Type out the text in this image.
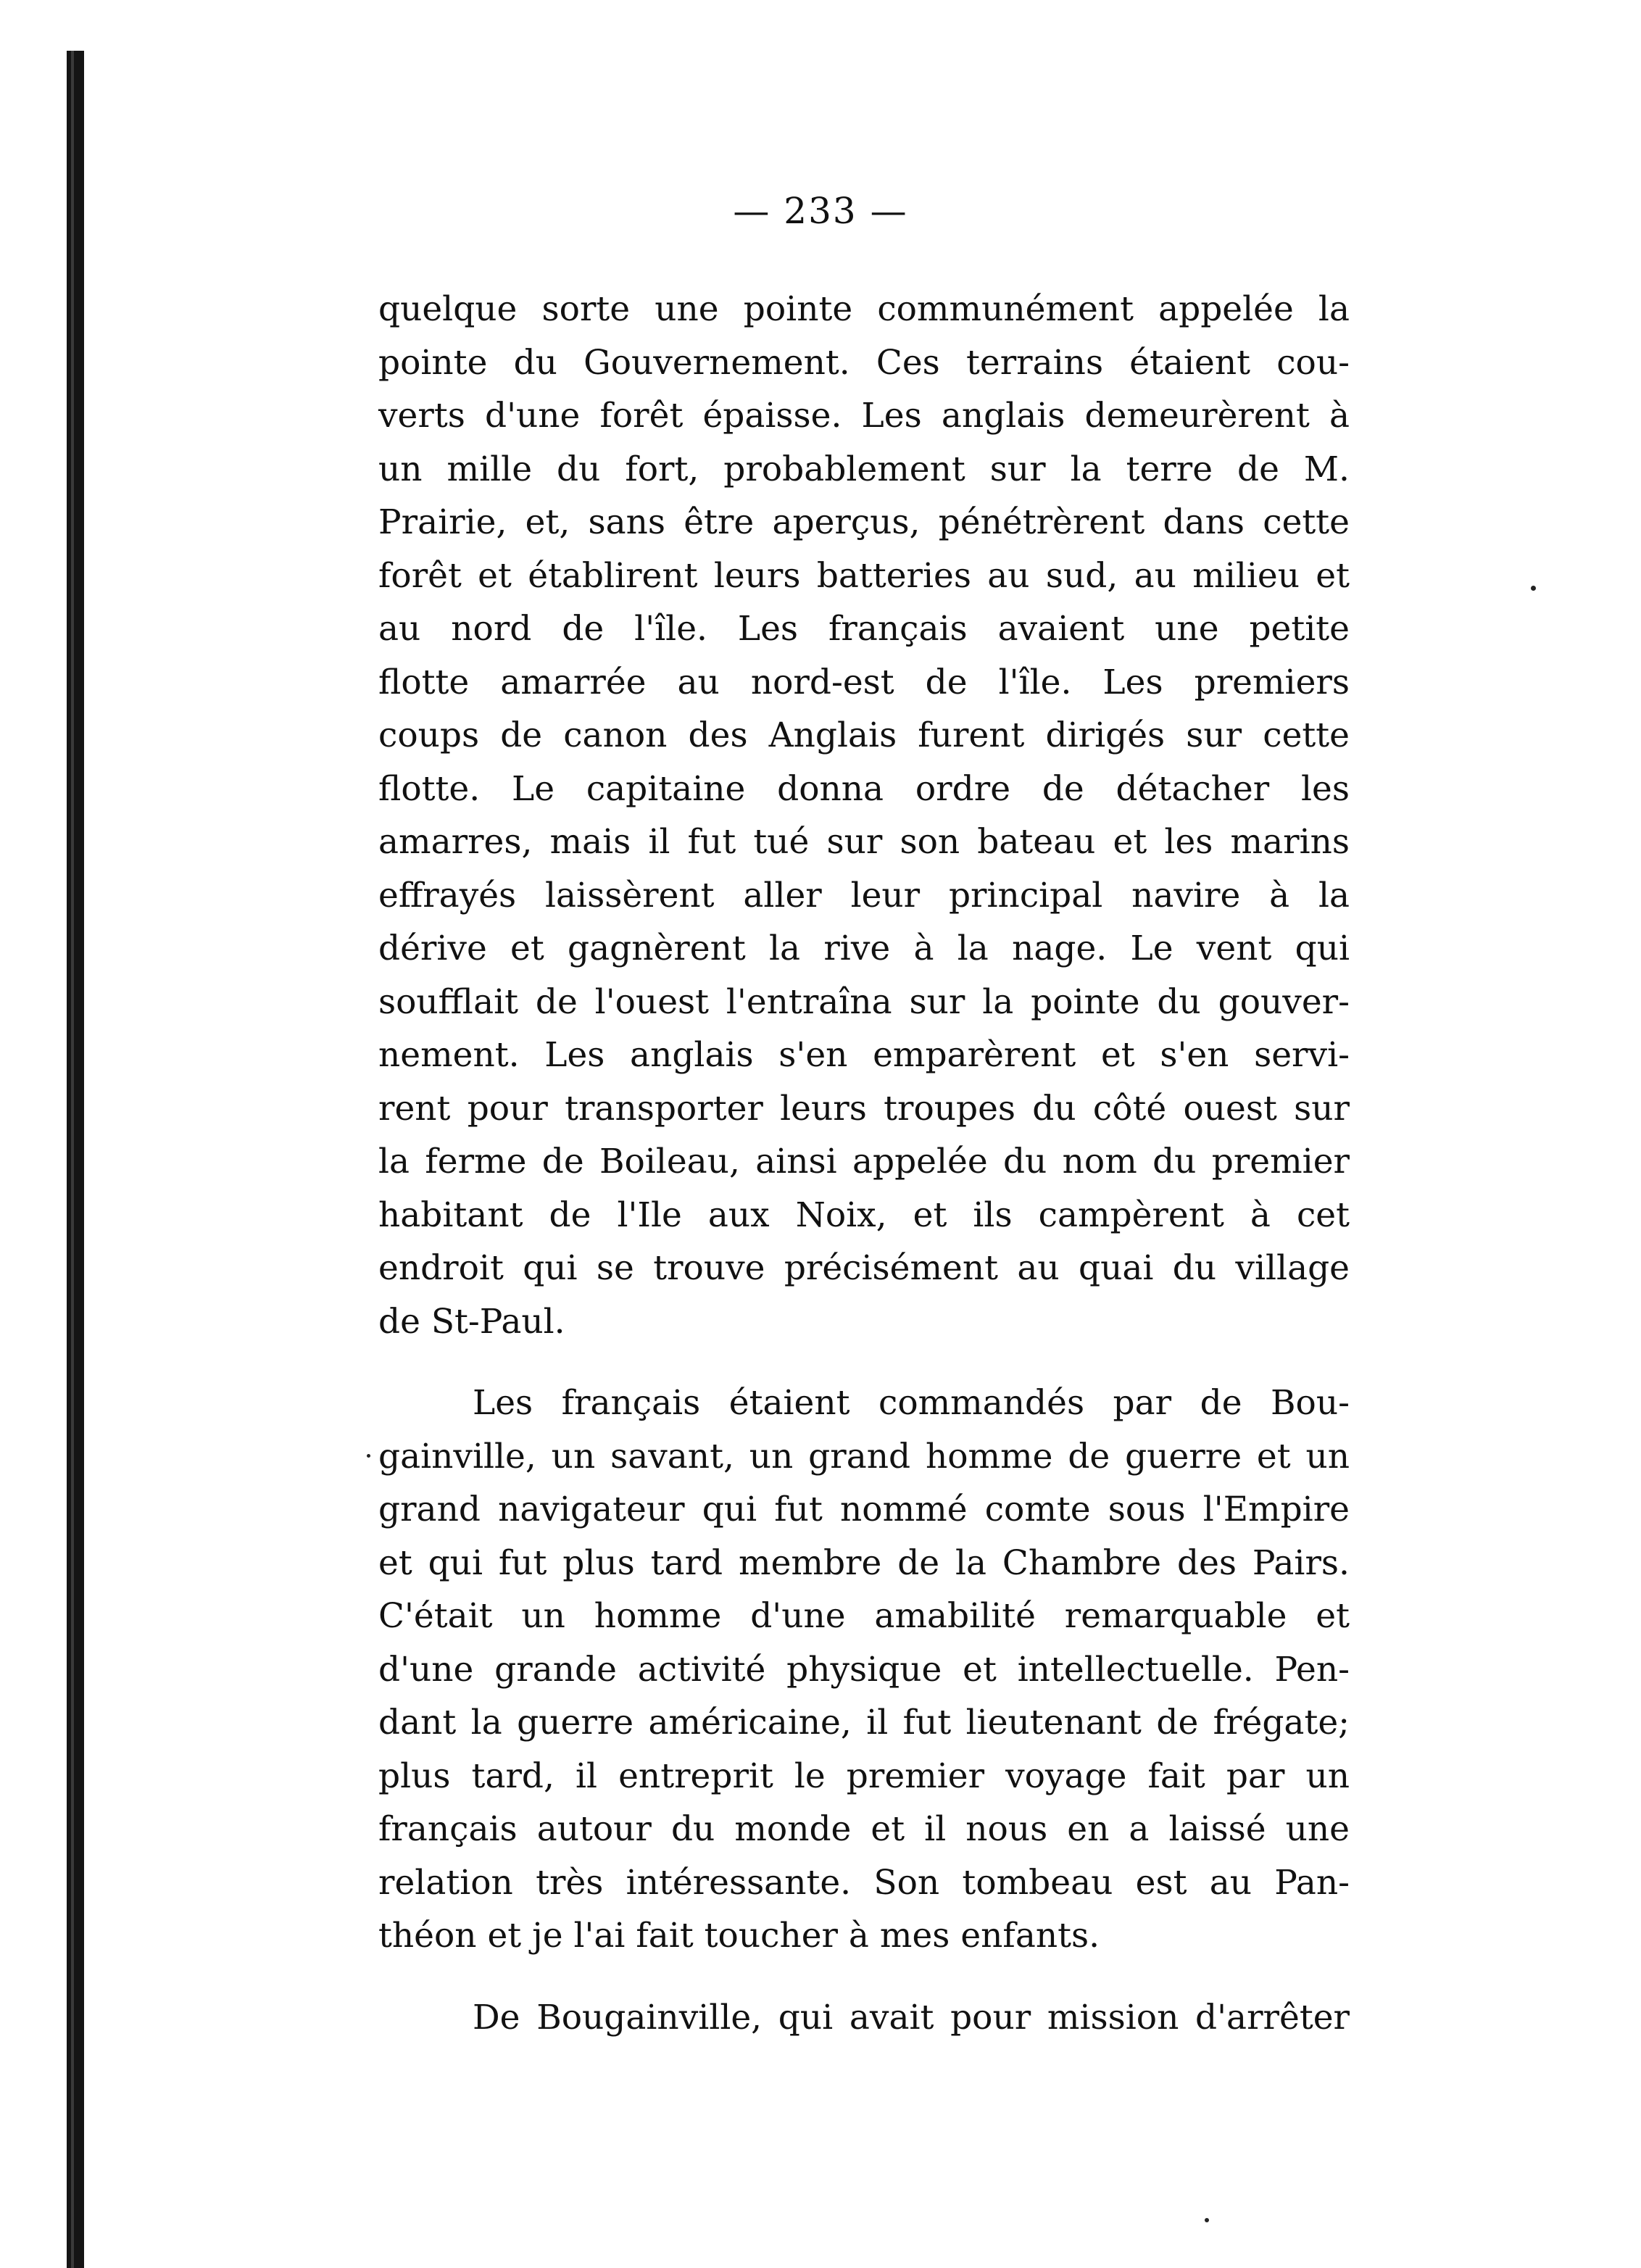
— 233 —
quelque sorte une pointe communément appelée la
pointe du Gouvernement. Ces terrains étaient cou-
verts d'une forêt épaisse. Les anglais demeurèrent à
un mille du fort, probablement sur la terre de M.
Prairie, et, sans être aperçus, pénétrèrent dans cette
forêt et établirent leurs batteries au sud, au milieu et
au nord de l'île. Les français avaient une petite
flotte amarrée au nord-est de l'île. Les premiers
coups de canon des Anglais furent dirigés sur cette
flotte. Le capitaine donna ordre de détacher les
amarres, mais il fut tué sur son bateau et les marins
effrayés laissèrent aller leur principal navire à la
dérive et gagnèrent la rive à la nage. Le vent qui
soufflait de l'ouest l'entraîna sur la pointe du gouver-
nement. Les anglais s'en emparèrent et s'en servi-
rent pour transporter leurs troupes du côté ouest sur
la ferme de Boileau, ainsi appelée du nom du premier
habitant de l'Ile aux Noix, et ils campèrent à cet
endroit qui se trouve précisément au quai du village
de St-Paul.
Les français étaient commandés par de Bou-
gainville, un savant, un grand homme de guerre et un
grand navigateur qui fut nommé comte sous l'Empire
et qui fut plus tard membre de la Chambre des Pairs.
C'était un homme d'une amabilité remarquable et
d'une grande activité physique et intellectuelle. Pen-
dant la guerre américaine, il fut lieutenant de frégate;
plus tard, il entreprit le premier voyage fait par un
français autour du monde et il nous en a laissé une
relation très intéressante. Son tombeau est au Pan-
théon et je l'ai fait toucher à mes enfants.
De Bougainville, qui avait pour mission d'arrêter
